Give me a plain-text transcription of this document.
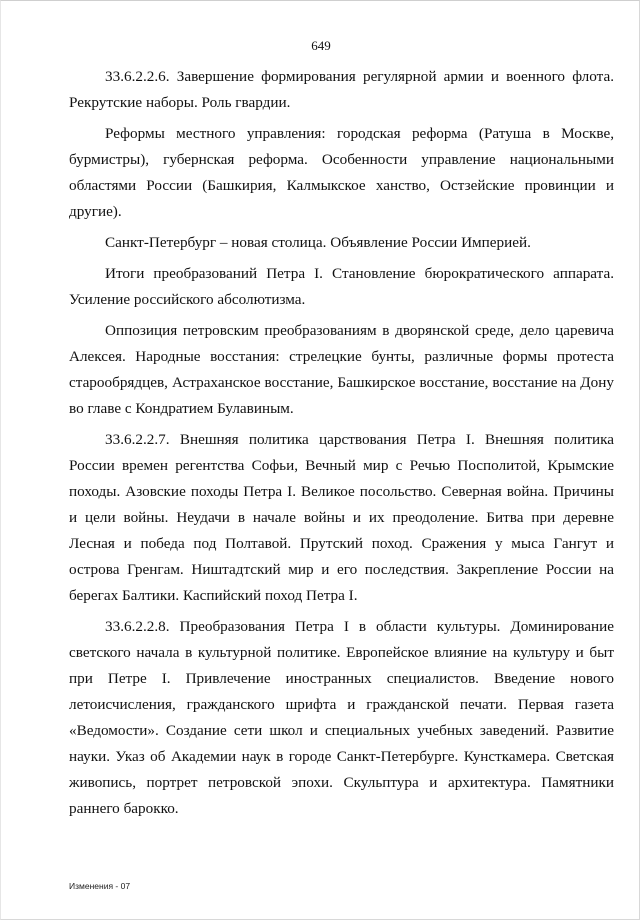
649

33.6.2.2.6. Завершение формирования регулярной армии и военного флота. Рекрутские наборы. Роль гвардии.

Реформы местного управления: городская реформа (Ратуша в Москве, бурмистры), губернская реформа. Особенности управление национальными областями России (Башкирия, Калмыкское ханство, Остзейские провинции и другие).

Санкт-Петербург – новая столица. Объявление России Империей.

Итоги преобразований Петра I. Становление бюрократического аппарата. Усиление российского абсолютизма.

Оппозиция петровским преобразованиям в дворянской среде, дело царевича Алексея. Народные восстания: стрелецкие бунты, различные формы протеста старообрядцев, Астраханское восстание, Башкирское восстание, восстание на Дону во главе с Кондратием Булавиным.

33.6.2.2.7. Внешняя политика царствования Петра I. Внешняя политика России времен регентства Софьи, Вечный мир с Речью Посполитой, Крымские походы. Азовские походы Петра I. Великое посольство. Северная война. Причины и цели войны. Неудачи в начале войны и их преодоление. Битва при деревне Лесная и победа под Полтавой. Прутский поход. Сражения у мыса Гангут и острова Гренгам. Ништадтский мир и его последствия. Закрепление России на берегах Балтики. Каспийский поход Петра I.

33.6.2.2.8. Преобразования Петра I в области культуры. Доминирование светского начала в культурной политике. Европейское влияние на культуру и быт при Петре I. Привлечение иностранных специалистов. Введение нового летоисчисления, гражданского шрифта и гражданской печати. Первая газета «Ведомости». Создание сети школ и специальных учебных заведений. Развитие науки. Указ об Академии наук в городе Санкт-Петербурге. Кунсткамера. Светская живопись, портрет петровской эпохи. Скульптура и архитектура. Памятники раннего барокко.

Изменения - 07
